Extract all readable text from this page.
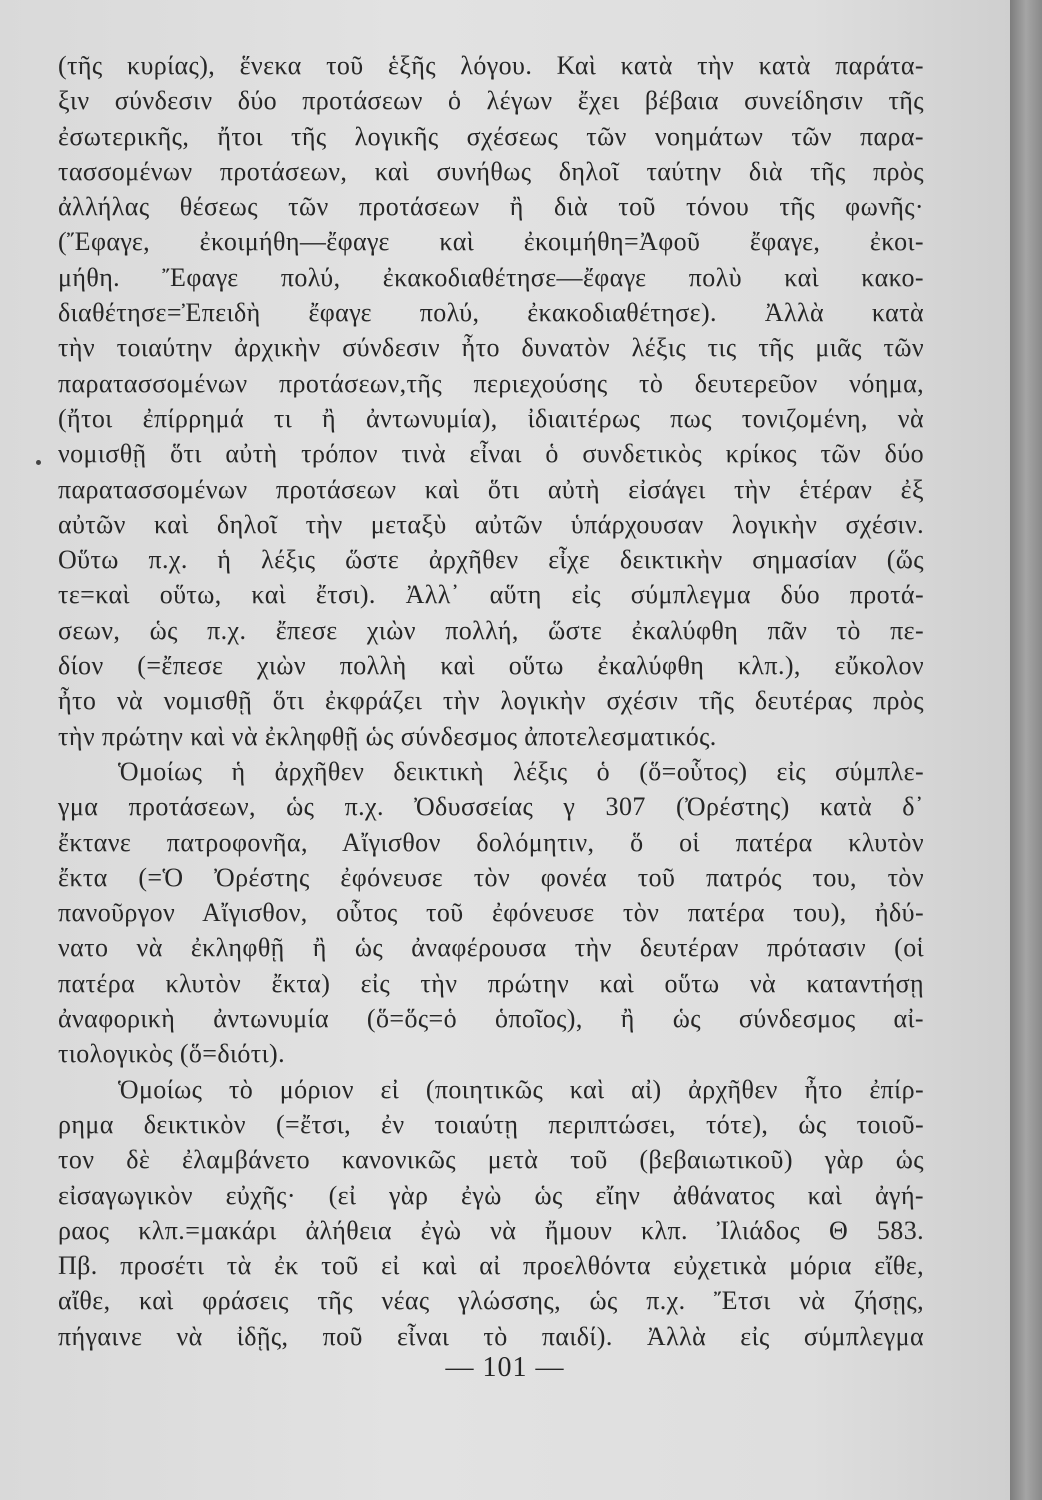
(τῆς κυρίας), ἕνεκα τοῦ ἑξῆς λόγου. Καὶ κατὰ τὴν κατὰ παράτα-
ξιν σύνδεσιν δύο προτάσεων ὁ λέγων ἔχει βέβαια συνείδησιν τῆς
ἐσωτερικῆς, ἤτοι τῆς λογικῆς σχέσεως τῶν νοημάτων τῶν παρα-
τασσομένων προτάσεων, καὶ συνήθως δηλοῖ ταύτην διὰ τῆς πρὸς
ἀλλήλας θέσεως τῶν προτάσεων ἢ διὰ τοῦ τόνου τῆς φωνῆς·
(Ἔφαγε, ἐκοιμήθη—ἔφαγε καὶ ἐκοιμήθη=Ἀφοῦ ἔφαγε, ἐκοι-
μήθη. Ἔφαγε πολύ, ἐκακοδιαθέτησε—ἔφαγε πολὺ καὶ κακο-
διαθέτησε=Ἐπειδὴ ἔφαγε πολύ, ἐκακοδιαθέτησε). Ἀλλὰ κατὰ
τὴν τοιαύτην ἀρχικὴν σύνδεσιν ἦτο δυνατὸν λέξις τις τῆς μιᾶς τῶν
παρατασσομένων προτάσεων,τῆς περιεχούσης τὸ δευτερεῦον νόημα,
(ἤτοι ἐπίρρημά τι ἢ ἀντωνυμία), ἰδιαιτέρως πως τονιζομένη, νὰ
νομισθῇ ὅτι αὐτὴ τρόπον τινὰ εἶναι ὁ συνδετικὸς κρίκος τῶν δύο
παρατασσομένων προτάσεων καὶ ὅτι αὐτὴ εἰσάγει τὴν ἑτέραν ἐξ
αὐτῶν καὶ δηλοῖ τὴν μεταξὺ αὐτῶν ὑπάρχουσαν λογικὴν σχέσιν.
Οὕτω π.χ. ἡ λέξις ὥστε ἀρχῆθεν εἶχε δεικτικὴν σημασίαν (ὥς
τε=καὶ οὕτω, καὶ ἔτσι). Ἀλλ᾽ αὕτη εἰς σύμπλεγμα δύο προτά-
σεων, ὡς π.χ. ἔπεσε χιὼν πολλή, ὥστε ἐκαλύφθη πᾶν τὸ πε-
δίον (=ἔπεσε χιὼν πολλὴ καὶ οὕτω ἐκαλύφθη κλπ.), εὔκολον
ἦτο νὰ νομισθῇ ὅτι ἐκφράζει τὴν λογικὴν σχέσιν τῆς δευτέρας πρὸς
τὴν πρώτην καὶ νὰ ἐκληφθῇ ὡς σύνδεσμος ἀποτελεσματικός.
Ὁμοίως ἡ ἀρχῆθεν δεικτικὴ λέξις ὁ (ὅ=οὗτος) εἰς σύμπλε-
γμα προτάσεων, ὡς π.χ. Ὀδυσσείας γ 307 (Ὀρέστης) κατὰ δ᾽
ἔκτανε πατροφονῆα, Αἴγισθον δολόμητιν, ὅ οἱ πατέρα κλυτὸν
ἔκτα (=Ὁ Ὀρέστης ἐφόνευσε τὸν φονέα τοῦ πατρός του, τὸν
πανοῦργον Αἴγισθον, οὗτος τοῦ ἐφόνευσε τὸν πατέρα του), ἠδύ-
νατο νὰ ἐκληφθῇ ἢ ὡς ἀναφέρουσα τὴν δευτέραν πρότασιν (οἱ
πατέρα κλυτὸν ἔκτα) εἰς τὴν πρώτην καὶ οὕτω νὰ καταντήσῃ
ἀναφορικὴ ἀντωνυμία (ὅ=ὅς=ὁ ὁποῖος), ἢ ὡς σύνδεσμος αἰ-
τιολογικὸς (ὅ=διότι).
Ὁμοίως τὸ μόριον εἰ (ποιητικῶς καὶ αἰ) ἀρχῆθεν ἦτο ἐπίρ-
ρημα δεικτικὸν (=ἔτσι, ἐν τοιαύτῃ περιπτώσει, τότε), ὡς τοιοῦ-
τον δὲ ἐλαμβάνετο κανονικῶς μετὰ τοῦ (βεβαιωτικοῦ) γὰρ ὡς
εἰσαγωγικὸν εὐχῆς· (εἰ γὰρ ἐγὼ ὡς εἴην ἀθάνατος καὶ ἀγή-
ραος κλπ.=μακάρι ἀλήθεια ἐγὼ νὰ ἤμουν κλπ. Ἰλιάδος Θ 583.
Πβ. προσέτι τὰ ἐκ τοῦ εἰ καὶ αἰ προελθόντα εὐχετικὰ μόρια εἴθε,
αἴθε, καὶ φράσεις τῆς νέας γλώσσης, ὡς π.χ. Ἔτσι νὰ ζήσῃς,
πήγαινε νὰ ἰδῇς, ποῦ εἶναι τὸ παιδί). Ἀλλὰ εἰς σύμπλεγμα
— 101 —
